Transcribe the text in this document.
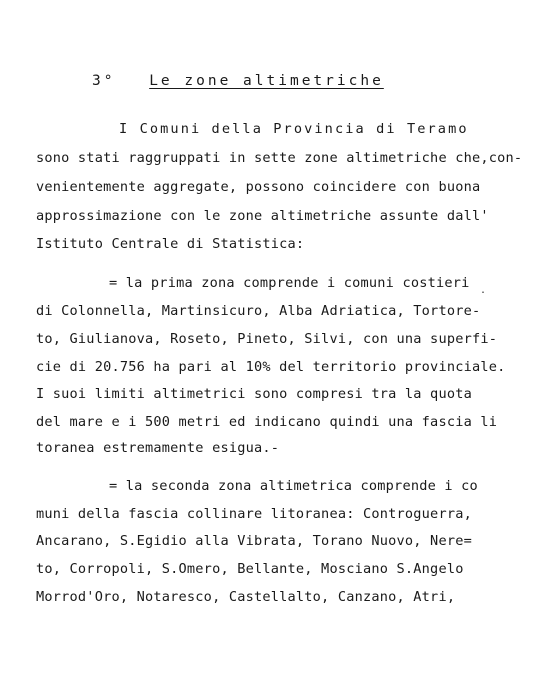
3° Le zone altimetriche
I Comuni della Provincia di Teramo
sono stati raggruppati in sette zone altimetriche che,con-
venientemente aggregate, possono coincidere con buona
approssimazione con le zone altimetriche assunte dall'
Istituto Centrale di Statistica:
= la prima zona comprende i comuni costieri
di Colonnella, Martinsicuro, Alba Adriatica, Tortore-
to, Giulianova, Roseto, Pineto, Silvi, con una superfi-
cie di 20.756 ha pari al 10% del territorio provinciale.
I suoi limiti altimetrici sono compresi tra la quota
del mare e i 500 metri ed indicano quindi una fascia li
toranea estremamente esigua.-
= la seconda zona altimetrica comprende i co
muni della fascia collinare litoranea: Controguerra,
Ancarano, S.Egidio alla Vibrata, Torano Nuovo, Nere=
to, Corropoli, S.Omero, Bellante, Mosciano S.Angelo
Morrod'Oro, Notaresco, Castellalto, Canzano, Atri,
.
